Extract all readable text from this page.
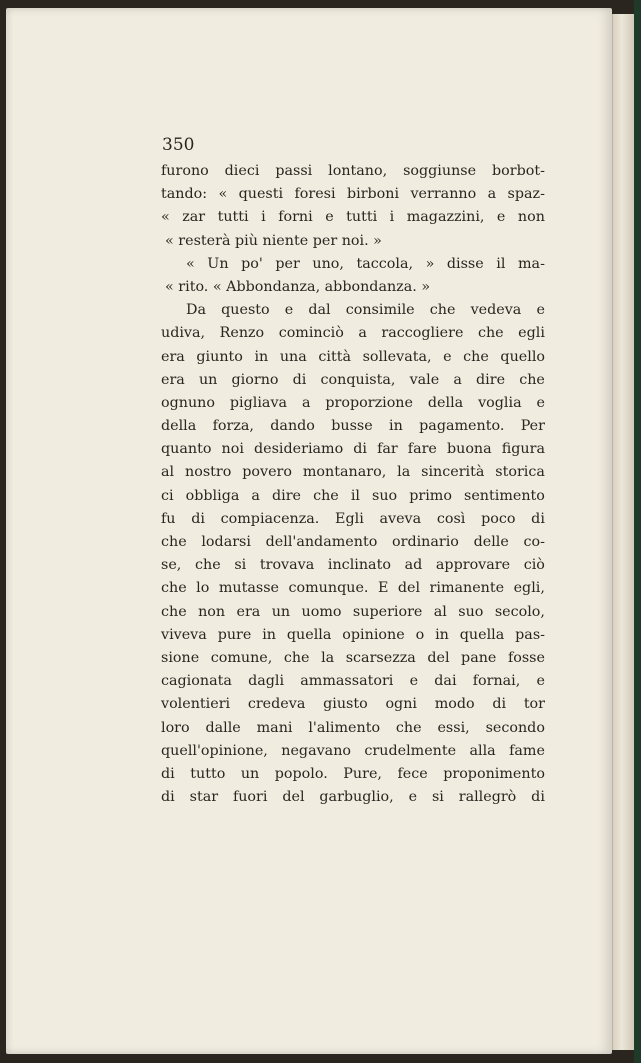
350
furono dieci passi lontano, soggiunse borbot-
tando: « questi foresi birboni verranno a spaz-
« zar tutti i forni e tutti i magazzini, e non
« resterà più niente per noi. »
« Un po' per uno, taccola, » disse il ma-
« rito. « Abbondanza, abbondanza. »
Da questo e dal consimile che vedeva e
udiva, Renzo cominciò a raccogliere che egli
era giunto in una città sollevata, e che quello
era un giorno di conquista, vale a dire che
ognuno pigliava a proporzione della voglia e
della forza, dando busse in pagamento. Per
quanto noi desideriamo di far fare buona figura
al nostro povero montanaro, la sincerità storica
ci obbliga a dire che il suo primo sentimento
fu di compiacenza. Egli aveva così poco di
che lodarsi dell'andamento ordinario delle co-
se, che si trovava inclinato ad approvare ciò
che lo mutasse comunque. E del rimanente egli,
che non era un uomo superiore al suo secolo,
viveva pure in quella opinione o in quella pas-
sione comune, che la scarsezza del pane fosse
cagionata dagli ammassatori e dai fornai, e
volentieri credeva giusto ogni modo di tor
loro dalle mani l'alimento che essi, secondo
quell'opinione, negavano crudelmente alla fame
di tutto un popolo. Pure, fece proponimento
di star fuori del garbuglio, e si rallegrò di
